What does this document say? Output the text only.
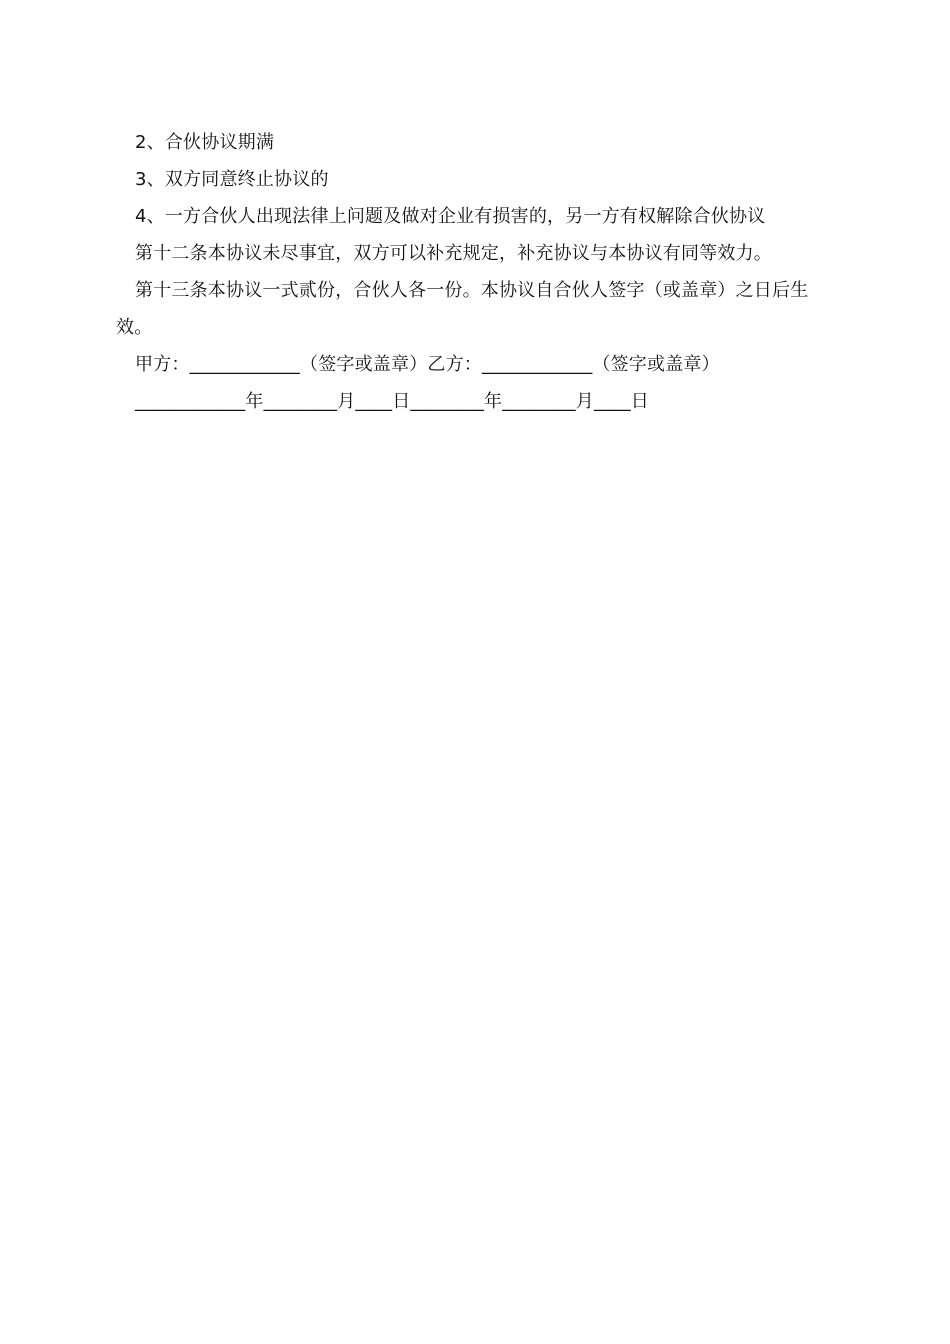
2、合伙协议期满

3、双方同意终止协议的

4、一方合伙人出现法律上问题及做对企业有损害的，另一方有权解除合伙协议

第十二条本协议未尽事宜，双方可以补充规定，补充协议与本协议有同等效力。

第十三条本协议一式贰份，合伙人各一份。本协议自合伙人签字（或盖章）之日后生

效。

甲方：____________（签字或盖章）乙方：____________（签字或盖章）

____________年________月____日________年________月____日
